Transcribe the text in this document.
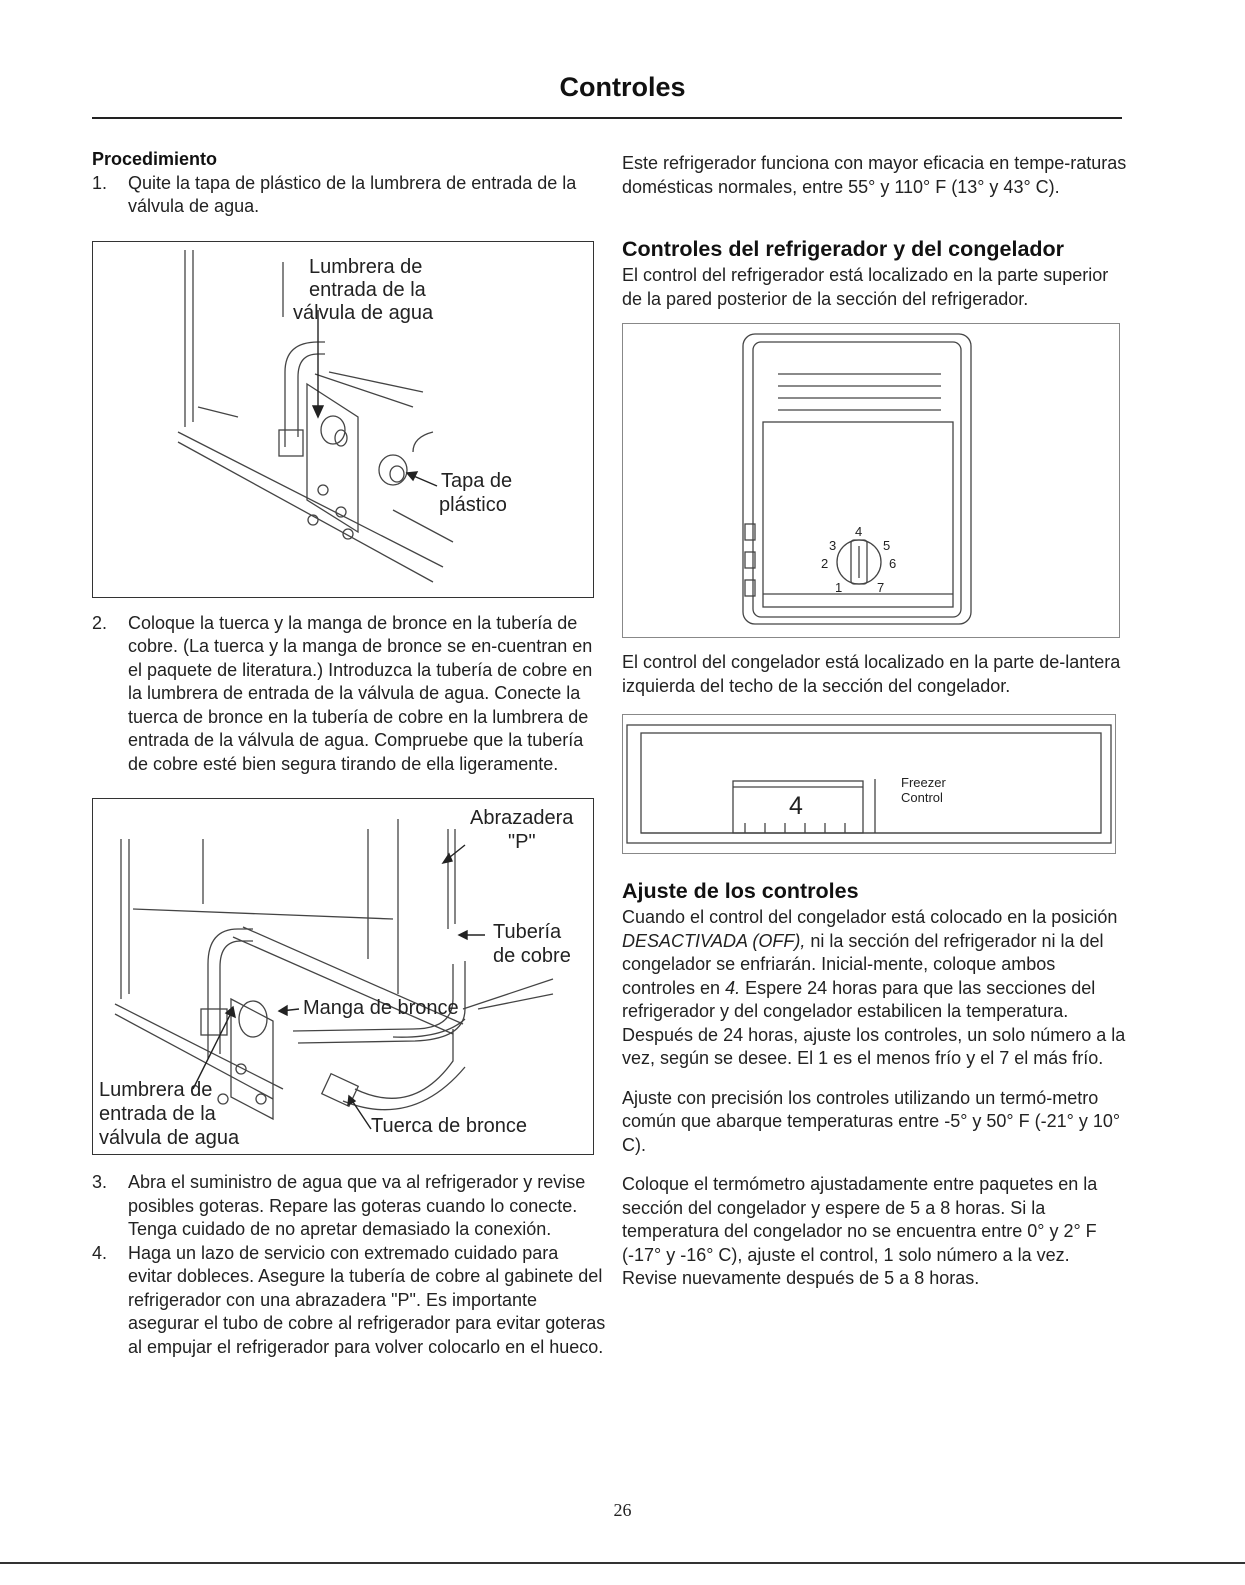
Controles
Procedimiento
1. Quite la tapa de plástico de la lumbrera de entrada de la válvula de agua.
Lumbrera de
entrada de la
válvula de agua
Tapa de
plástico
2. Coloque la tuerca y la manga de bronce en la tubería de cobre. (La tuerca y la manga de bronce se en-cuentran en el paquete de literatura.) Introduzca la tubería de cobre en la lumbrera de entrada de la válvula de agua. Conecte la tuerca de bronce en la tubería de cobre en la lumbrera de entrada de la válvula de agua. Compruebe que la tubería de cobre esté bien segura tirando de ella ligeramente.
Abrazadera
"P"
Tubería
de cobre
Manga de bronce
Lumbrera de
entrada de la
válvula de agua
Tuerca de bronce
3. Abra el suministro de agua que va al refrigerador y revise posibles goteras. Repare las goteras cuando lo conecte. Tenga cuidado de no apretar demasiado la conexión.
4. Haga un lazo de servicio con extremado cuidado para evitar dobleces. Asegure la tubería de cobre al gabinete del refrigerador con una abrazadera "P". Es importante asegurar el tubo de cobre al refrigerador para evitar goteras al empujar el refrigerador para volver colocarlo en el hueco.

Este refrigerador funciona con mayor eficacia en tempe-raturas domésticas normales, entre 55° y 110° F (13° y 43° C).

Controles del refrigerador y del congelador

El control del refrigerador está localizado en la parte superior de la pared posterior de la sección del refrigerador.

4
3	5
2	6
1	7

El control del congelador está localizado en la parte de-lantera izquierda del techo de la sección del congelador.

4
Freezer
Control
Ajuste de los controles

Cuando el control del congelador está colocado en la posición DESACTIVADA (OFF), ni la sección del refrigerador ni la del congelador se enfriarán. Inicial-mente, coloque ambos controles en 4. Espere 24 horas para que las secciones del refrigerador y del congelador estabilicen la temperatura. Después de 24 horas, ajuste los controles, un solo número a la vez, según se desee. El 1 es el menos frío y el 7 el más frío.

Ajuste con precisión los controles utilizando un termó-metro común que abarque temperaturas entre -5° y 50° F (-21° y 10° C).

Coloque el termómetro ajustadamente entre paquetes en la sección del congelador y espere de 5 a 8 horas. Si la temperatura del congelador no se encuentra entre 0° y 2° F (-17° y -16° C), ajuste el control, 1 solo número a la vez. Revise nuevamente después de 5 a 8 horas.

26
